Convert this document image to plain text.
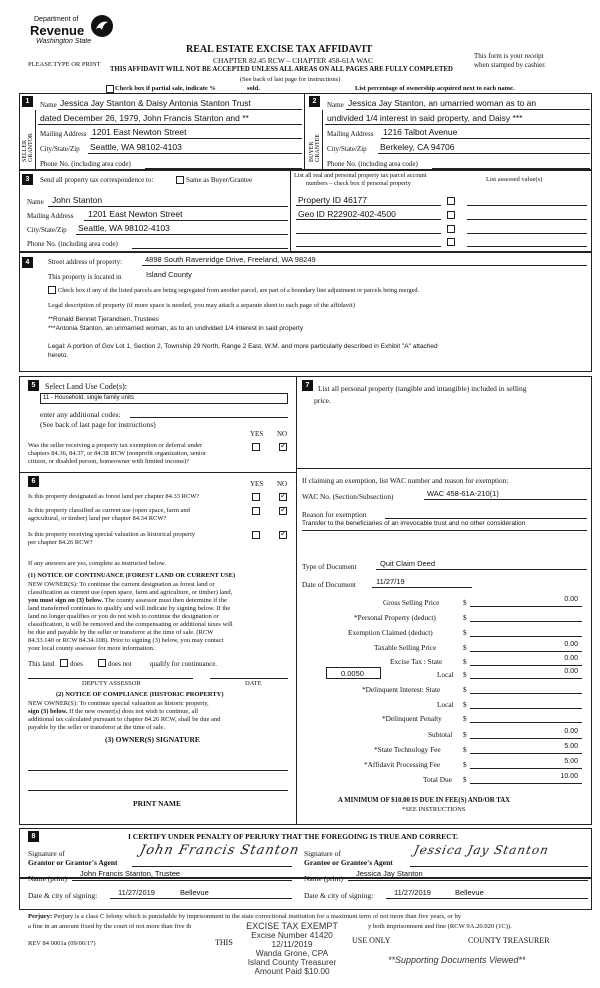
Department of
Revenue
Washington State
PLEASE TYPE OR PRINT
REAL ESTATE EXCISE TAX AFFIDAVIT
CHAPTER 82.45 RCW – CHAPTER 458-61A WAC
THIS AFFIDAVIT WILL NOT BE ACCEPTED UNLESS ALL AREAS ON ALL PAGES ARE FULLY COMPLETED
(See back of last page for instructions)
This form is your receipt
when stamped by cashier.
Check box if partial sale, indicate %	sold.	List percentage of ownership acquired next to each name.
1
SELLER GRANTOR
Name Jessica Jay Stanton & Daisy Antonia Stanton Trust
dated December 26, 1979, John Francis Stanton and **
Mailing Address 1201 East Newton Street
City/State/Zip Seattle, WA 98102-4103
Phone No. (including area code)
2
BUYER GRANTEE
Name Jessica Jay Stanton, an umarried woman as to an
undivided 1/4 interest in said property, and Daisy ***
Mailing Address 1216 Talbot Avenue
City/State/Zip Berkeley, CA 94706
Phone No. (including area code)
3	Send all property tax correspondence to:	Same as Buyer/Grantee
Name John Stanton
Mailing Address 1201 East Newton Street
City/State/Zip Seattle, WA 98102-4103
Phone No. (including area code)
List all real and personal property tax parcel account
numbers – check box if personal property
List assessed value(s)
Property ID 46177
Geo ID R22902-402-4500
4	Street address of property:	4898 South Ravenridge Drive, Freeland, WA 98249
This property is located in	Island County
Check box if any of the listed parcels are being segregated from another parcel, are part of a boundary line adjustment or parcels being merged.
Legal description of property (if more space is needed, you may attach a separate sheet to each page of the affidavit)
**Ronald Bennet Tjerandsen, Trustees
***Antonia Stanton, an unmarried woman, as to an undivided 1/4 interest in said property
Legal: A portion of Gov Lot 1, Section 2, Township 29 North, Range 2 East, W.M. and more particularly described in Exhibit "A" attached
hereto.
5	Select Land Use Code(s):
11 - Household, single family units
enter any additional codes:
(See back of last page for instructions)
YES NO
Was the seller receiving a property tax exemption or deferral under
chapters 84.36, 84.37, or 84.38 RCW (nonprofit organization, senior
citizen, or disabled person, homeowner with limited income)?
✓
6	YES NO
Is this property designated as forest land per chapter 84.33 RCW?
✓
Is this property classified as current use (open space, farm and
agricultural, or timber) land per chapter 84.34 RCW?
✓
Is this property receiving special valuation as historical property
per chapter 84.26 RCW?
✓
If any answers are yes, complete as instructed below.
(1) NOTICE OF CONTINUANCE (FOREST LAND OR CURRENT USE)
NEW OWNER(S): To continue the current designation as forest land or
classification as current use (open space, farm and agriculture, or timber) land,
you must sign on (3) below. The county assessor must then determine if the
land transferred continues to qualify and will indicate by signing below. If the
land no longer qualifies or you do not wish to continue the designation or
classification, it will be removed and the compensating or additional taxes will
be due and payable by the seller or transferor at the time of sale. (RCW
84.33.140 or RCW 84.34.108). Prior to signing (3) below, you may contact
your local county assessor for more information.
This land does	does not	qualify for continuance.
DEPUTY ASSESSOR	DATE
(2) NOTICE OF COMPLIANCE (HISTORIC PROPERTY)
NEW OWNER(S): To continue special valuation as historic property,
sign (3) below. If the new owner(s) does not wish to continue, all
additional tax calculated pursuant to chapter 84.26 RCW, shall be due and
payable by the seller or transferor at the time of sale.
(3) OWNER(S) SIGNATURE
PRINT NAME
7	List all personal property (tangible and intangible) included in selling
price.
If claiming an exemption, list WAC number and reason for exemption:
WAC No. (Section/Subsection)	WAC 458-61A-210(1)
Reason for exemption
Transfer to the beneficiaries of an irrevocable trust and no other consideration
Type of Document	Quit Claim Deed
Date of Document	11/27/19
Gross Selling Price	$	0.00
*Personal Property (deduct)	$
Exemption Claimed (deduct)	$
Taxable Selling Price	$	0.00
Excise Tax : State	$	0.00
0.0050	Local $	0.00
*Delinquent Interest: State	$
Local $
*Delinquent Penalty	$
Subtotal $	0.00
*State Technology Fee	$	5.00
*Affidavit Processing Fee	$	5.00
Total Due $	10.00
A MINIMUM OF $10.00 IS DUE IN FEE(S) AND/OR TAX
*SEE INSTRUCTIONS
8	I CERTIFY UNDER PENALTY OF PERJURY THAT THE FOREGOING IS TRUE AND CORRECT.
Signature of
Grantor or Grantor's Agent
John Francis Stanton
Name (print)
Signature of
Grantee or Grantee's Agent
Jessica Jay Stanton
Name (print)
John Francis Stanton, Trustee	Jessica Jay Stanton
Date & city of signing:	11/27/2019	Bellevue	Date & city of signing:	11/27/2019	Bellevue
Perjury: Perjury is a class C felony which is punishable by imprisonment in the state correctional institution for a maximum term of not more than five years, or by
a fine in an amount fixed by the court of not more than five th	y both imprisonment and fine (RCW 9A.20.020 (1C)).
REV 84 0001a (09/06/17)	THIS	USE ONLY	COUNTY TREASURER
EXCISE TAX EXEMPT
Excise Number 41420
12/11/2019
Wanda Grone, CPA
Island County Treasurer
Amount Paid $10.00
**Supporting Documents Viewed**
